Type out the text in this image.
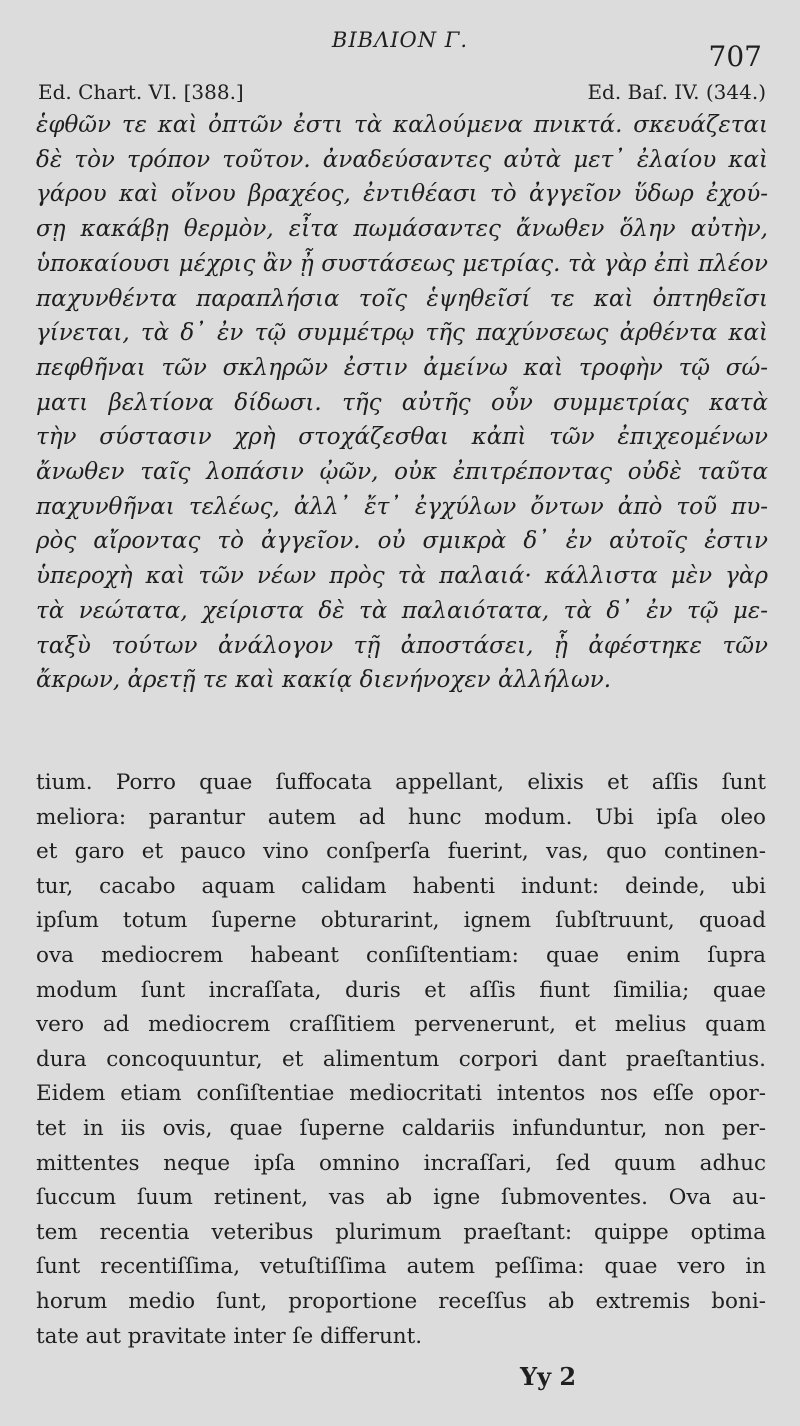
BIBΛΙΟΝ Γ.	707
Ed. Chart. VI. [388.]	Ed. Baſ. IV. (344.)
ἑφθῶν τε καὶ ὀπτῶν ἐστι τὰ καλούμενα πνικτά. σκευάζεται
δὲ τὸν τρόπον τοῦτον. ἀναδεύσαντες αὐτὰ μετ᾽ ἐλαίου καὶ
γάρου καὶ οἴνου βραχέος, ἐντιθέασι τὸ ἀγγεῖον ὕδωρ ἐχού-
σῃ κακάβῃ θερμὸν, εἶτα πωμάσαντες ἄνωθεν ὅλην αὐτὴν,
ὑποκαίουσι μέχρις ἂν ᾖ συστάσεως μετρίας. τὰ γὰρ ἐπὶ πλέον
παχυνθέντα παραπλήσια τοῖς ἑψηθεῖσί τε καὶ ὀπτηθεῖσι
γίνεται, τὰ δ᾽ ἐν τῷ συμμέτρῳ τῆς παχύνσεως ἀρθέντα καὶ
πεφθῆναι τῶν σκληρῶν ἐστιν ἀμείνω καὶ τροφὴν τῷ σώ-
ματι βελτίονα δίδωσι. τῆς αὐτῆς οὖν συμμετρίας κατὰ
τὴν σύστασιν χρὴ στοχάζεσθαι κἀπὶ τῶν ἐπιχεομένων
ἄνωθεν ταῖς λοπάσιν ᾠῶν, οὐκ ἐπιτρέποντας οὐδὲ ταῦτα
παχυνθῆναι τελέως, ἀλλ᾽ ἔτ᾽ ἐγχύλων ὄντων ἀπὸ τοῦ πυ-
ρὸς αἴροντας τὸ ἀγγεῖον. οὐ σμικρὰ δ᾽ ἐν αὐτοῖς ἐστιν
ὑπεροχὴ καὶ τῶν νέων πρὸς τὰ παλαιά· κάλλιστα μὲν γὰρ
τὰ νεώτατα, χείριστα δὲ τὰ παλαιότατα, τὰ δ᾽ ἐν τῷ με-
ταξὺ τούτων ἀνάλογον τῇ ἀποστάσει, ᾗ ἀφέστηκε τῶν
ἄκρων, ἀρετῇ τε καὶ κακίᾳ διενήνοχεν ἀλλήλων.
tium. Porro quae ſuffocata appellant, elixis et aſſis ſunt
meliora: parantur autem ad hunc modum. Ubi ipſa oleo
et garo et pauco vino conſperſa fuerint, vas, quo continen-
tur, cacabo aquam calidam habenti indunt: deinde, ubi
ipſum totum ſuperne obturarint, ignem ſubſtruunt, quoad
ova mediocrem habeant conſiſtentiam: quae enim ſupra
modum ſunt incraſſata, duris et aſſis fiunt ſimilia; quae
vero ad mediocrem craſſitiem pervenerunt, et melius quam
dura concoquuntur, et alimentum corpori dant praeſtantius.
Eidem etiam conſiſtentiae mediocritati intentos nos eſſe opor-
tet in iis ovis, quae ſuperne caldariis infunduntur, non per-
mittentes neque ipſa omnino incraſſari, ſed quum adhuc
ſuccum ſuum retinent, vas ab igne ſubmoventes. Ova au-
tem recentia veteribus plurimum praeſtant: quippe optima
ſunt recentiſſima, vetuſtiſſima autem peſſima: quae vero in
horum medio ſunt, proportione receſſus ab extremis boni-
tate aut pravitate inter ſe differunt.
Yy 2
